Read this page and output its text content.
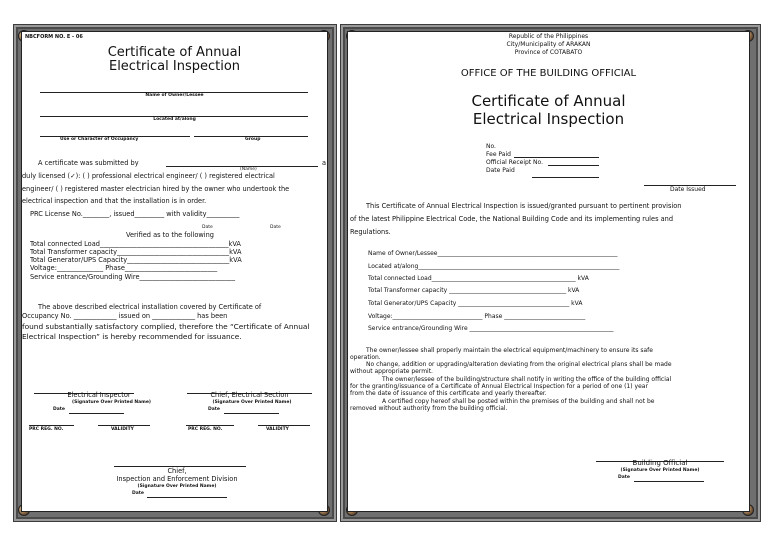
NBCFORM NO. E - 06
Certificate of Annual
Electrical Inspection
Name of Owner/Lessee
Located at/along
Use or Character of Occupancy	Group
A certificate was submitted by	a
(Name)
duly licensed (✓): ( ) professional electrical engineer/ ( ) registered electrical
engineer/ ( ) registered master electrician hired by the owner who undertook the
electrical inspection and that the installation is in order.
PRC License No.________, issued_________ with validity__________
Date	Date
Verified as to the following
Total connected Load_______________________________________kVA
Total Transformer capacity__________________________________kVA
Total Generator/UPS Capacity_______________________________kVA
Voltage:______________ Phase____________________________
Service entrance/Grounding Wire_____________________________
The above described electrical installation covered by Certificate of
Occupancy No. _____________ issued on _____________ has been
found substantially satisfactory complied, therefore the “Certificate of Annual
Electrical Inspection” is hereby recommended for issuance.
Electrical Inspector	Chief, Electrical Section
(Signature Over Printed Name)	(Signature Over Printed Name)
Date	Date
PRC REG. NO.	VALIDITY	PRC REG. NO.	VALIDITY
Chief,
Inspection and Enforcement Division
(Signature Over Printed Name)
Date
Republic of the Philippines
City/Municipality of ARAKAN
Province of COTABATO
OFFICE OF THE BUILDING OFFICIAL
Certificate of Annual
Electrical Inspection
No.
Fee Paid
Official Receipt No.
Date Paid
Date Issued
This Certificate of Annual Electrical Inspection is issued/granted pursuant to pertinent provision
of the latest Philippine Electrical Code, the National Building Code and its implementing rules and
Regulations.
Name of Owner/Lessee____________________________________________________________
Located at/along___________________________________________________________________
Total connected Load________________________________________________ kVA
Total Transformer capacity _______________________________________ kVA
Total Generator/UPS Capacity _____________________________________ kVA
Voltage:______________________________ Phase ___________________________
Service entrance/Grounding Wire ________________________________________________
The owner/lessee shall properly maintain the electrical equipment/machinery to ensure its safe
operation.
No change, addition or upgrading/alteration deviating from the original electrical plans shall be made
without appropriate permit.
The owner/lessee of the building/structure shall notify in writing the office of the building official
for the granting/issuance of a Certificate of Annual Electrical Inspection for a period of one (1) year
from the date of issuance of this certificate and yearly thereafter.
A certified copy hereof shall be posted within the premises of the building and shall not be
removed without authority from the building official.
Building Official
(Signature Over Printed Name)
Date
